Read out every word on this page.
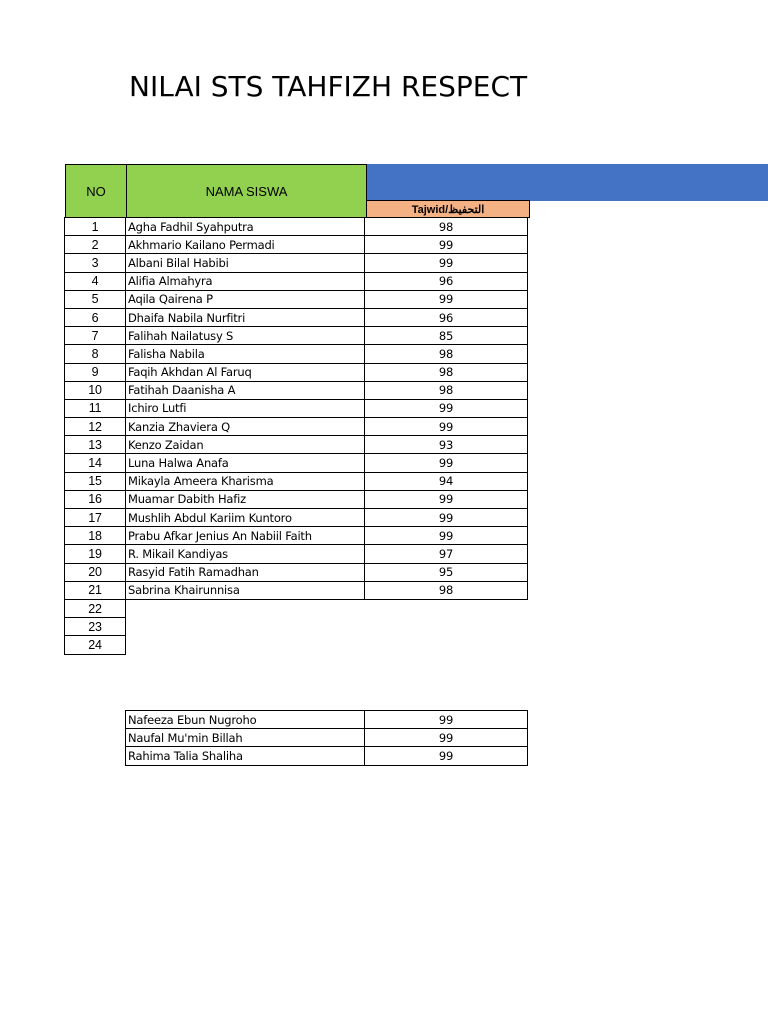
NILAI STS TAHFIZH RESPECT
NO	NAMA SISWA
Tajwid/التحفيظ
1	Agha Fadhil Syahputra	98
2	Akhmario Kailano Permadi	99
3	Albani Bilal Habibi	99
4	Alifia Almahyra	96
5	Aqila Qairena P	99
6	Dhaifa Nabila Nurfitri	96
7	Falihah Nailatusy S	85
8	Falisha Nabila	98
9	Faqih Akhdan Al Faruq	98
10	Fatihah Daanisha A	98
11	Ichiro Lutfi	99
12	Kanzia Zhaviera Q	99
13	Kenzo Zaidan	93
14	Luna Halwa Anafa	99
15	Mikayla Ameera Kharisma	94
16	Muamar Dabith Hafiz	99
17	Mushlih Abdul Kariim Kuntoro	99
18	Prabu Afkar Jenius An Nabiil Faith	99
19	R. Mikail Kandiyas	97
20	Rasyid Fatih Ramadhan	95
21	Sabrina Khairunnisa	98
22
23
24
Nafeeza Ebun Nugroho	99
Naufal Mu'min Billah	99
Rahima Talia Shaliha	99
